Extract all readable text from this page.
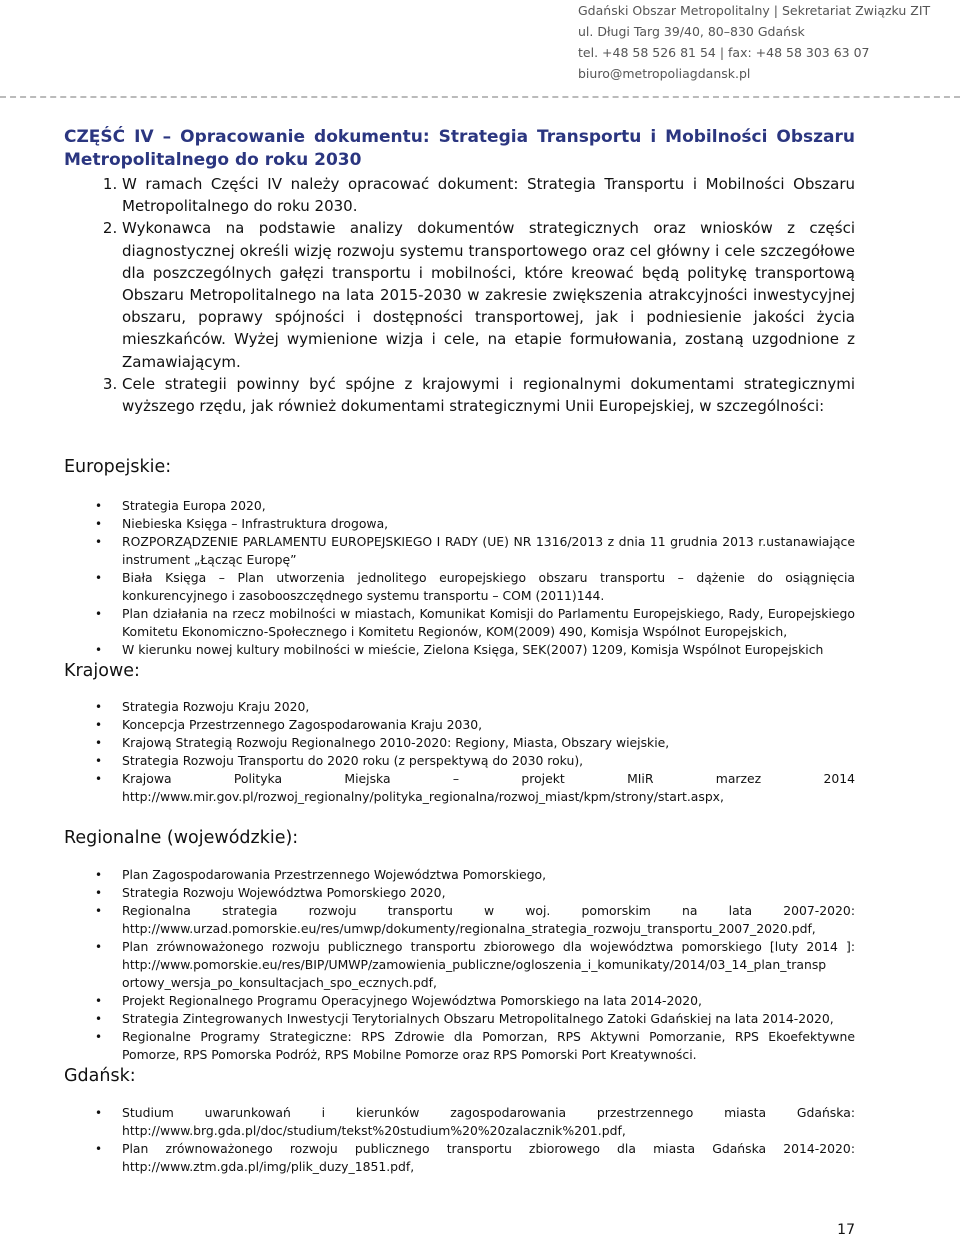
Gdański Obszar Metropolitalny | Sekretariat Związku ZIT
ul. Długi Targ 39/40, 80–830 Gdańsk
tel. +48 58 526 81 54 | fax: +48 58 303 63 07
biuro@metropoliagdansk.pl

CZĘŚĆ IV – Opracowanie dokumentu: Strategia Transportu i Mobilności Obszaru Metropolitalnego do roku 2030

1. W ramach Części IV należy opracować dokument: Strategia Transportu i Mobilności Obszaru Metropolitalnego do roku 2030.
2. Wykonawca na podstawie analizy dokumentów strategicznych oraz wniosków z części diagnostycznej określi wizję rozwoju systemu transportowego oraz cel główny i cele szczegółowe dla poszczególnych gałęzi transportu i mobilności, które kreować będą politykę transportową Obszaru Metropolitalnego na lata 2015-2030 w zakresie zwiększenia atrakcyjności inwestycyjnej obszaru, poprawy spójności i dostępności transportowej, jak i podniesienie jakości życia mieszkańców. Wyżej wymienione wizja i cele, na etapie formułowania, zostaną uzgodnione z Zamawiającym.
3. Cele strategii powinny być spójne z krajowymi i regionalnymi dokumentami strategicznymi wyższego rzędu, jak również dokumentami strategicznymi Unii Europejskiej, w szczególności:

Europejskie:

• Strategia Europa 2020,
• Niebieska Księga – Infrastruktura drogowa,
• ROZPORZĄDZENIE PARLAMENTU EUROPEJSKIEGO I RADY (UE) NR 1316/2013 z dnia 11 grudnia 2013 r.ustanawiające instrument „Łącząc Europę”
• Biała Księga – Plan utworzenia jednolitego europejskiego obszaru transportu – dążenie do osiągnięcia konkurencyjnego i zasobooszczędnego systemu transportu – COM (2011)144.
• Plan działania na rzecz mobilności w miastach, Komunikat Komisji do Parlamentu Europejskiego, Rady, Europejskiego Komitetu Ekonomiczno-Społecznego i Komitetu Regionów, KOM(2009) 490, Komisja Wspólnot Europejskich,
• W kierunku nowej kultury mobilności w mieście, Zielona Księga, SEK(2007) 1209, Komisja Wspólnot Europejskich

Krajowe:

• Strategia Rozwoju Kraju 2020,
• Koncepcja Przestrzennego Zagospodarowania Kraju 2030,
• Krajową Strategią Rozwoju Regionalnego 2010-2020: Regiony, Miasta, Obszary wiejskie,
• Strategia Rozwoju Transportu do 2020 roku (z perspektywą do 2030 roku),
• Krajowa Polityka Miejska – projekt MIiR marzez 2014 http://www.mir.gov.pl/rozwoj_regionalny/polityka_regionalna/rozwoj_miast/kpm/strony/start.aspx,

Regionalne (wojewódzkie):

• Plan Zagospodarowania Przestrzennego Województwa Pomorskiego,
• Strategia Rozwoju Województwa Pomorskiego 2020,
• Regionalna strategia rozwoju transportu w woj. pomorskim na lata 2007-2020: http://www.urzad.pomorskie.eu/res/umwp/dokumenty/regionalna_strategia_rozwoju_transportu_2007_2020.pdf,
• Plan zrównoważonego rozwoju publicznego transportu zbiorowego dla województwa pomorskiego [luty 2014 ]: http://www.pomorskie.eu/res/BIP/UMWP/zamowienia_publiczne/ogloszenia_i_komunikaty/2014/03_14_plan_transp ortowy_wersja_po_konsultacjach_spo_ecznych.pdf,
• Projekt Regionalnego Programu Operacyjnego Województwa Pomorskiego na lata 2014-2020,
• Strategia Zintegrowanych Inwestycji Terytorialnych Obszaru Metropolitalnego Zatoki Gdańskiej na lata 2014-2020,
• Regionalne Programy Strategiczne: RPS Zdrowie dla Pomorzan, RPS Aktywni Pomorzanie, RPS Ekoefektywne Pomorze, RPS Pomorska Podróż, RPS Mobilne Pomorze oraz RPS Pomorski Port Kreatywności.

Gdańsk:

• Studium uwarunkowań i kierunków zagospodarowania przestrzennego miasta Gdańska: http://www.brg.gda.pl/doc/studium/tekst%20studium%20%20zalacznik%201.pdf,
• Plan zrównoważonego rozwoju publicznego transportu zbiorowego dla miasta Gdańska 2014-2020: http://www.ztm.gda.pl/img/plik_duzy_1851.pdf,
17
